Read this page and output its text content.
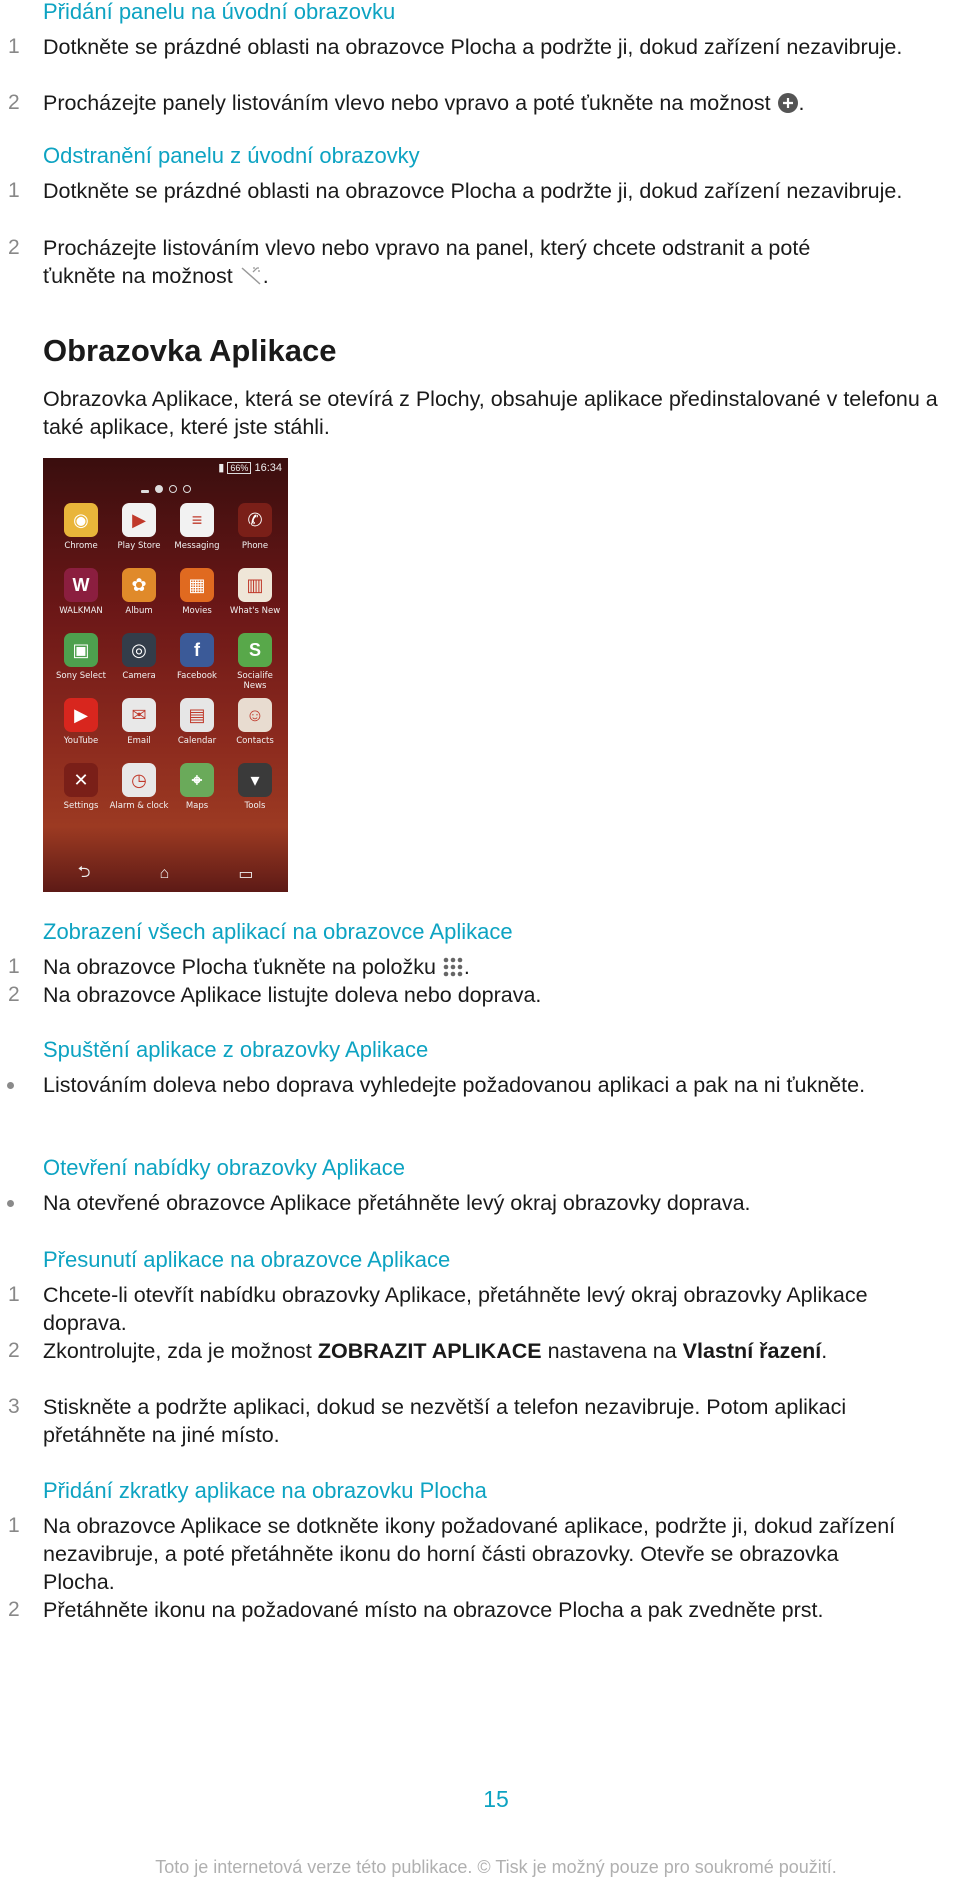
Přidání panelu na úvodní obrazovku
1	Dotkněte se prázdné oblasti na obrazovce Plocha a podržte ji, dokud zařízení nezavibruje.

2	Procházejte panely listováním vlevo nebo vpravo a poté ťukněte na možnost .

Odstranění panelu z úvodní obrazovky
1	Dotkněte se prázdné oblasti na obrazovce Plocha a podržte ji, dokud zařízení nezavibruje.

2	Procházejte listováním vlevo nebo vpravo na panel, který chcete odstranit a poté ťukněte na možnost .

Obrazovka Aplikace

Obrazovka Aplikace, která se otevírá z Plochy, obsahuje aplikace předinstalované v telefonu a také aplikace, které jste stáhli.

▮ 66% 16:34
◉
Chrome
▶
Play Store
≡
Messaging
✆
Phone
W
WALKMAN
✿
Album
▦
Movies
▥
What's New
▣
Sony Select
◎
Camera
f
Facebook
S
Socialife News
▶
YouTube
✉
Email
▤
Calendar
☺
Contacts
✕
Settings
◷
Alarm & clock
⌖
Maps
▾
Tools
⮌	⌂	▭
Zobrazení všech aplikací na obrazovce Aplikace
1	Na obrazovce Plocha ťukněte na položku .

2	Na obrazovce Aplikace listujte doleva nebo doprava.

Spuštění aplikace z obrazovky Aplikace

Listováním doleva nebo doprava vyhledejte požadovanou aplikaci a pak na ni ťukněte.

Otevření nabídky obrazovky Aplikace

Na otevřené obrazovce Aplikace přetáhněte levý okraj obrazovky doprava.

Přesunutí aplikace na obrazovce Aplikace
1	Chcete-li otevřít nabídku obrazovky Aplikace, přetáhněte levý okraj obrazovky Aplikace doprava.

2	Zkontrolujte, zda je možnost ZOBRAZIT APLIKACE nastavena na Vlastní řazení.

3	Stiskněte a podržte aplikaci, dokud se nezvětší a telefon nezavibruje. Potom aplikaci přetáhněte na jiné místo.

Přidání zkratky aplikace na obrazovku Plocha
1	Na obrazovce Aplikace se dotkněte ikony požadované aplikace, podržte ji, dokud zařízení nezavibruje, a poté přetáhněte ikonu do horní části obrazovky. Otevře se obrazovka Plocha.

2	Přetáhněte ikonu na požadované místo na obrazovce Plocha a pak zvedněte prst.

15
Toto je internetová verze této publikace. © Tisk je možný pouze pro soukromé použití.
